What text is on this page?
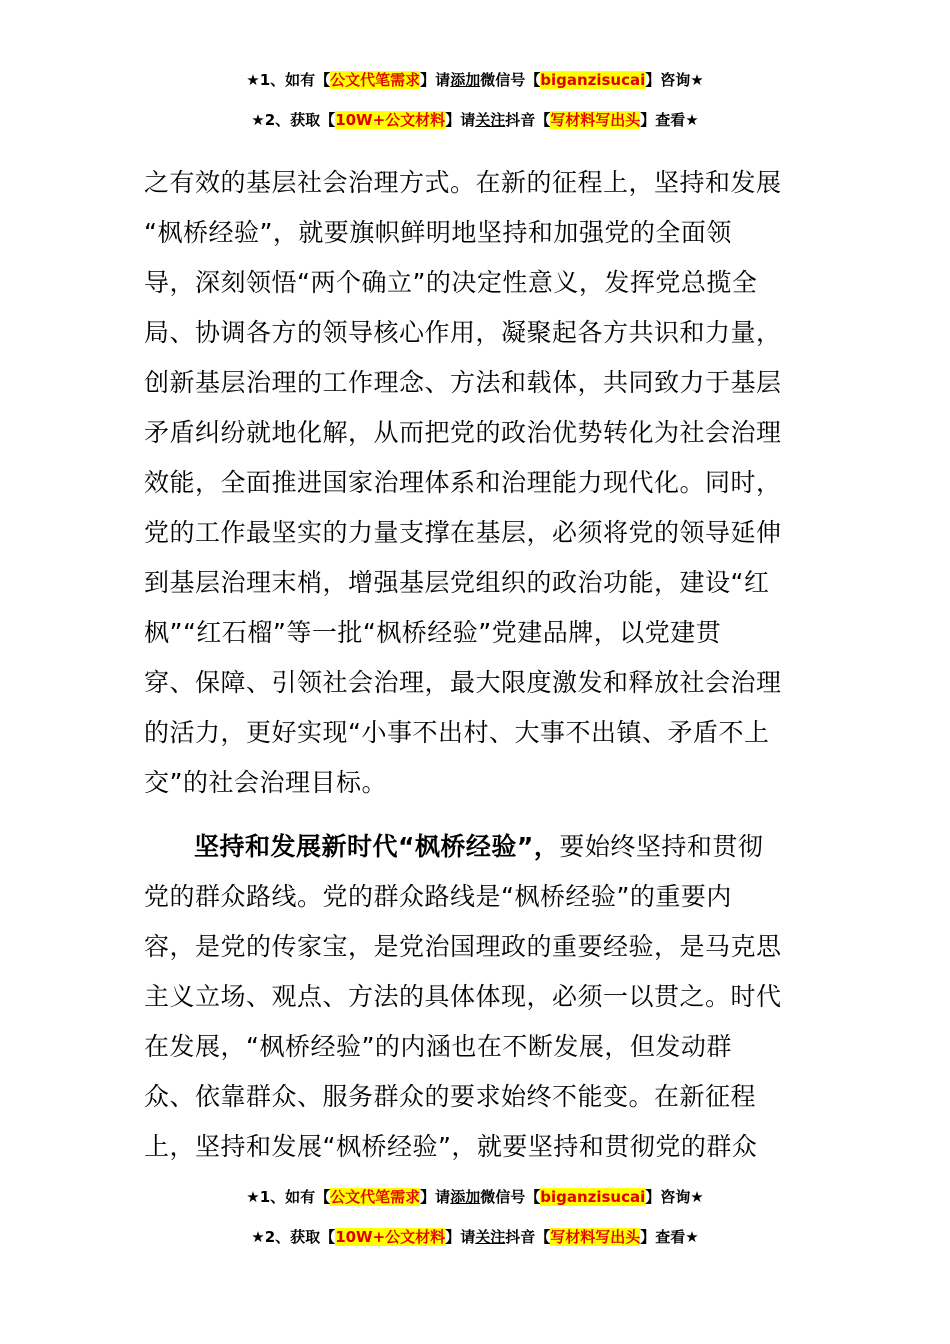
★1、如有【公文代笔需求】请添加微信号【biganzisucai】咨询★
★2、获取【10W+公文材料】请关注抖音【写材料写出头】查看★

之有效的基层社会治理方式。在新的征程上，坚持和发展
“枫桥经验”，就要旗帜鲜明地坚持和加强党的全面领
导，深刻领悟“两个确立”的决定性意义，发挥党总揽全
局、协调各方的领导核心作用，凝聚起各方共识和力量，
创新基层治理的工作理念、方法和载体，共同致力于基层
矛盾纠纷就地化解，从而把党的政治优势转化为社会治理
效能，全面推进国家治理体系和治理能力现代化。同时，
党的工作最坚实的力量支撑在基层，必须将党的领导延伸
到基层治理末梢，增强基层党组织的政治功能，建设“红
枫”“红石榴”等一批“枫桥经验”党建品牌，以党建贯
穿、保障、引领社会治理，最大限度激发和释放社会治理
的活力，更好实现“小事不出村、大事不出镇、矛盾不上
交”的社会治理目标。

坚持和发展新时代“枫桥经验”，要始终坚持和贯彻
党的群众路线。党的群众路线是“枫桥经验”的重要内
容，是党的传家宝，是党治国理政的重要经验，是马克思
主义立场、观点、方法的具体体现，必须一以贯之。时代
在发展，“枫桥经验”的内涵也在不断发展，但发动群
众、依靠群众、服务群众的要求始终不能变。在新征程
上，坚持和发展“枫桥经验”，就要坚持和贯彻党的群众

★1、如有【公文代笔需求】请添加微信号【biganzisucai】咨询★
★2、获取【10W+公文材料】请关注抖音【写材料写出头】查看★
